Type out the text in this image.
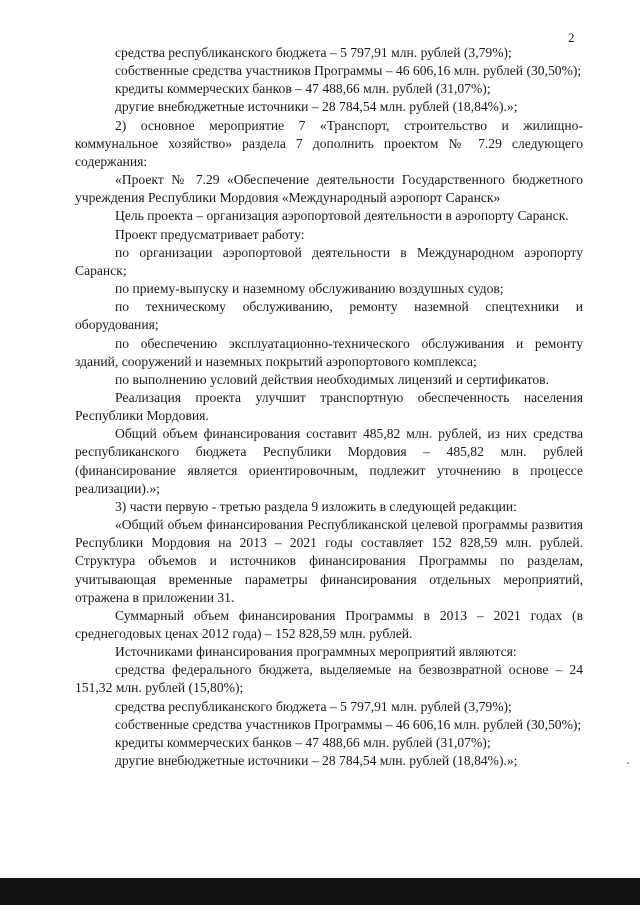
2

средства республиканского бюджета – 5 797,91 млн. рублей (3,79%);

собственные средства участников Программы – 46 606,16 млн. рублей (30,50%);

кредиты коммерческих банков – 47 488,66 млн. рублей (31,07%);

другие внебюджетные источники – 28 784,54 млн. рублей (18,84%).»;

2) основное мероприятие 7 «Транспорт, строительство и жилищно-коммунальное хозяйство» раздела 7 дополнить проектом № 7.29 следующего содержания:

«Проект № 7.29 «Обеспечение деятельности Государственного бюджетного учреждения Республики Мордовия «Международный аэропорт Саранск»

Цель проекта – организация аэропортовой деятельности в аэропорту Саранск.

Проект предусматривает работу:

по организации аэропортовой деятельности в Международном аэропорту Саранск;

по приему-выпуску и наземному обслуживанию воздушных судов;

по техническому обслуживанию, ремонту наземной спецтехники и оборудования;

по обеспечению эксплуатационно-технического обслуживания и ремонту зданий, сооружений и наземных покрытий аэропортового комплекса;

по выполнению условий действия необходимых лицензий и сертификатов.

Реализация проекта улучшит транспортную обеспеченность населения Республики Мордовия.

Общий объем финансирования составит 485,82 млн. рублей, из них средства республиканского бюджета Республики Мордовия – 485,82 млн. рублей (финансирование является ориентировочным, подлежит уточнению в процессе реализации).»;

3) части первую - третью раздела 9 изложить в следующей редакции:

«Общий объем финансирования Республиканской целевой программы развития Республики Мордовия на 2013 – 2021 годы составляет 152 828,59 млн. рублей. Структура объемов и источников финансирования Программы по разделам, учитывающая временные параметры финансирования отдельных мероприятий, отражена в приложении 31.

Суммарный объем финансирования Программы в 2013 – 2021 годах (в среднегодовых ценах 2012 года) – 152 828,59 млн. рублей.

Источниками финансирования программных мероприятий являются:

средства федерального бюджета, выделяемые на безвозвратной основе – 24 151,32 млн. рублей (15,80%);

средства республиканского бюджета – 5 797,91 млн. рублей (3,79%);

собственные средства участников Программы – 46 606,16 млн. рублей (30,50%);

кредиты коммерческих банков – 47 488,66 млн. рублей (31,07%);

другие внебюджетные источники – 28 784,54 млн. рублей (18,84%).»;
